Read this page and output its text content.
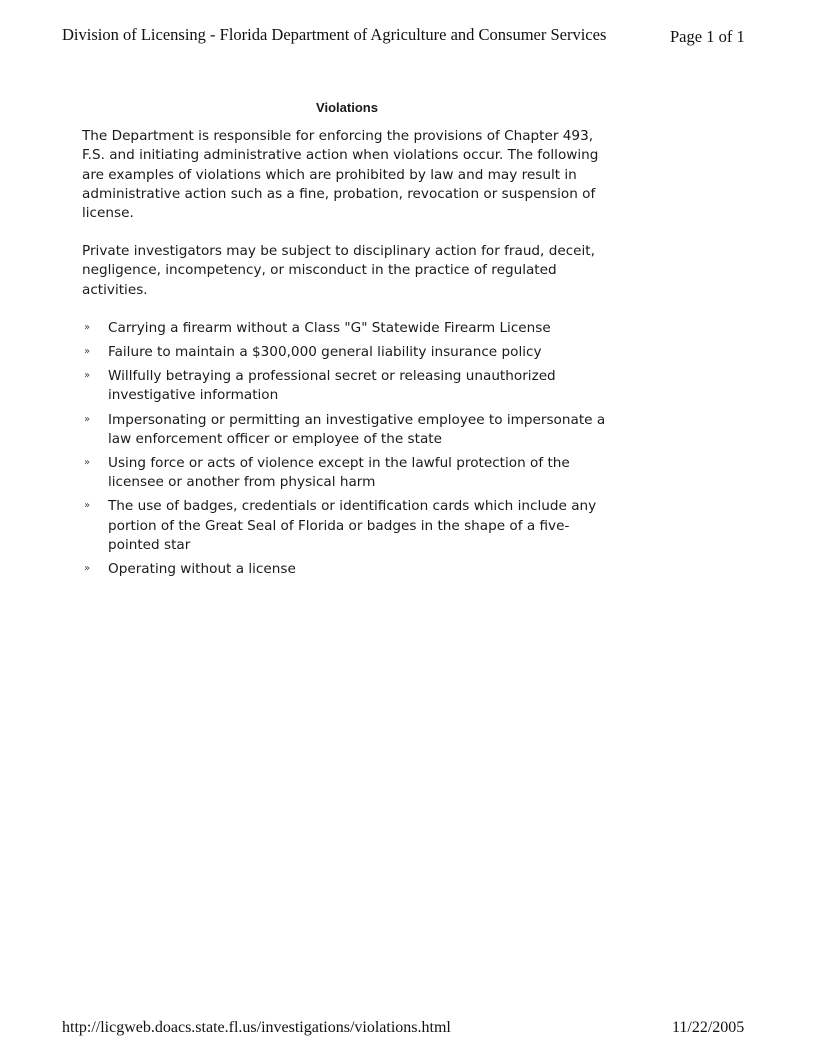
Division of Licensing - Florida Department of Agriculture and Consumer Services	Page 1 of 1
Violations

The Department is responsible for enforcing the provisions of Chapter 493, F.S. and initiating administrative action when violations occur. The following are examples of violations which are prohibited by law and may result in administrative action such as a fine, probation, revocation or suspension of license.

Private investigators may be subject to disciplinary action for fraud, deceit, negligence, incompetency, or misconduct in the practice of regulated activities.

» Carrying a firearm without a Class "G" Statewide Firearm License
» Failure to maintain a $300,000 general liability insurance policy
» Willfully betraying a professional secret or releasing unauthorized investigative information
» Impersonating or permitting an investigative employee to impersonate a law enforcement officer or employee of the state
» Using force or acts of violence except in the lawful protection of the licensee or another from physical harm
» The use of badges, credentials or identification cards which include any portion of the Great Seal of Florida or badges in the shape of a five-pointed star
» Operating without a license
http://licgweb.doacs.state.fl.us/investigations/violations.html	11/22/2005
